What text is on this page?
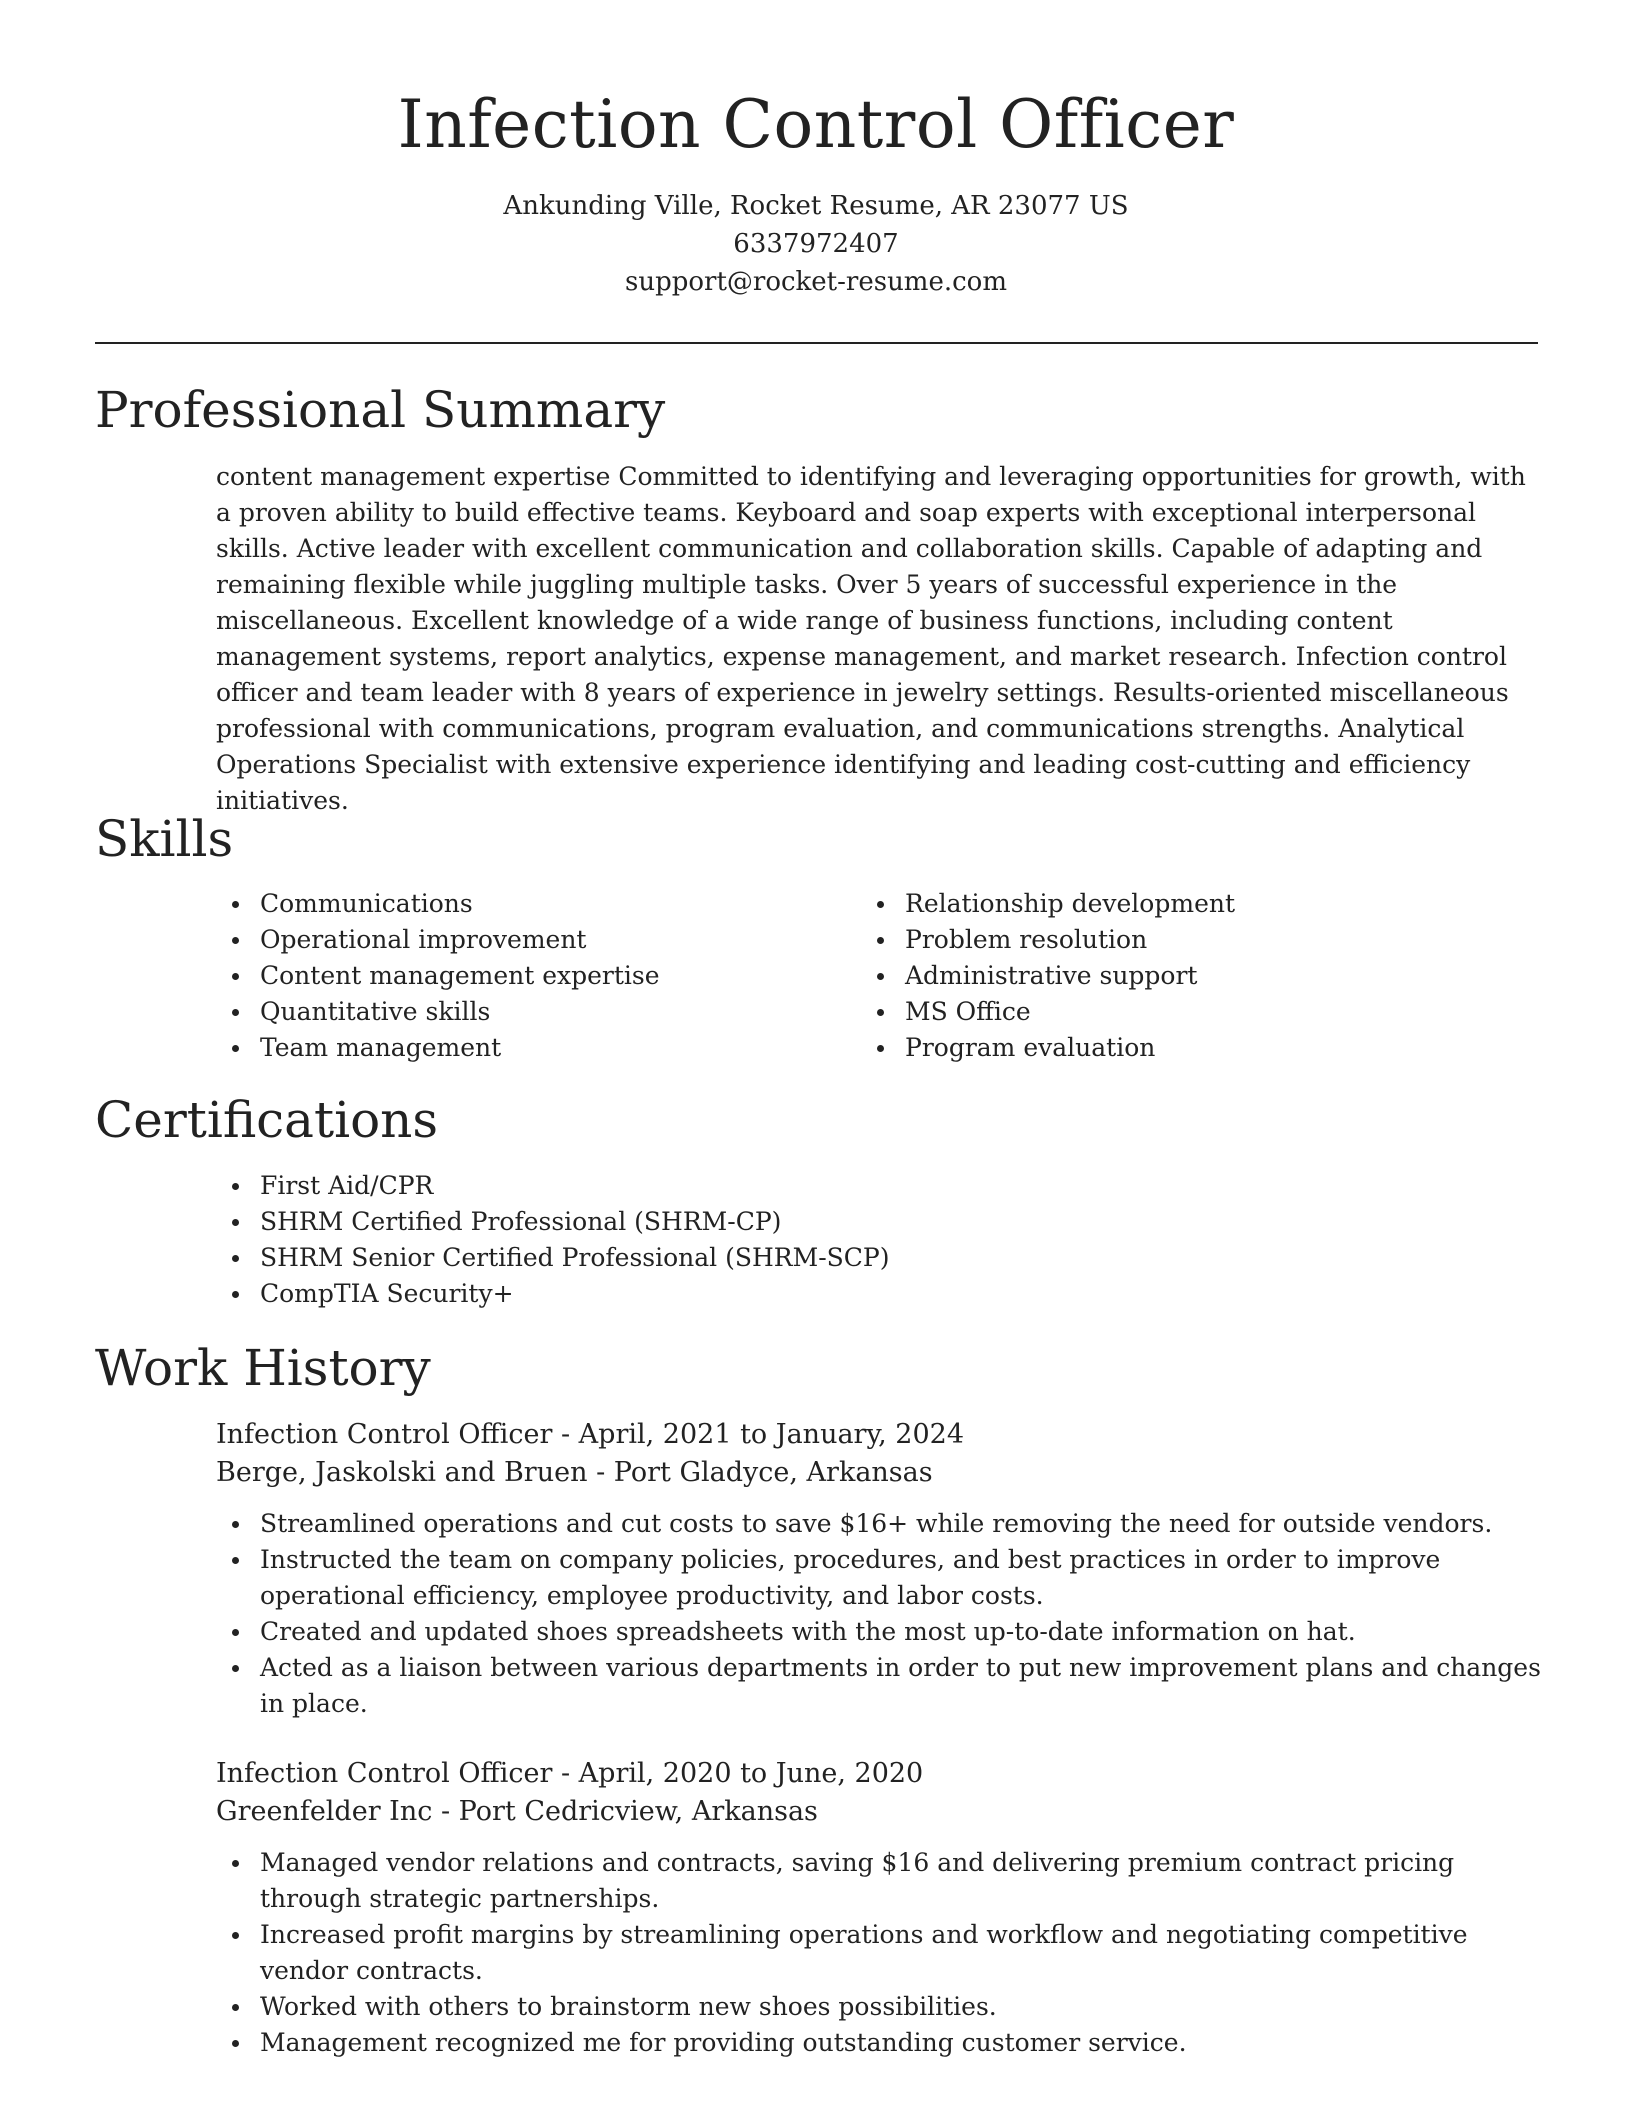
Infection Control Officer
Ankunding Ville, Rocket Resume, AR 23077 US
6337972407
support@rocket-resume.com
Professional Summary

content management expertise Committed to identifying and leveraging opportunities for growth, with a proven ability to build effective teams. Keyboard and soap experts with exceptional interpersonal skills. Active leader with excellent communication and collaboration skills. Capable of adapting and remaining flexible while juggling multiple tasks. Over 5 years of successful experience in the miscellaneous. Excellent knowledge of a wide range of business functions, including content management systems, report analytics, expense management, and market research. Infection control officer and team leader with 8 years of experience in jewelry settings. Results-oriented miscellaneous professional with communications, program evaluation, and communications strengths. Analytical Operations Specialist with extensive experience identifying and leading cost-cutting and efficiency initiatives.

Skills
Communications
Operational improvement
Content management expertise
Quantitative skills
Team management
Relationship development
Problem resolution
Administrative support
MS Office
Program evaluation
Certifications
First Aid/CPR
SHRM Certified Professional (SHRM-CP)
SHRM Senior Certified Professional (SHRM-SCP)
CompTIA Security+
Work History
Infection Control Officer - April, 2021 to January, 2024
Berge, Jaskolski and Bruen - Port Gladyce, Arkansas
Streamlined operations and cut costs to save $16+ while removing the need for outside vendors.
Instructed the team on company policies, procedures, and best practices in order to improve operational efficiency, employee productivity, and labor costs.
Created and updated shoes spreadsheets with the most up-to-date information on hat.
Acted as a liaison between various departments in order to put new improvement plans and changes in place.
Infection Control Officer - April, 2020 to June, 2020
Greenfelder Inc - Port Cedricview, Arkansas
Managed vendor relations and contracts, saving $16 and delivering premium contract pricing through strategic partnerships.
Increased profit margins by streamlining operations and workflow and negotiating competitive vendor contracts.
Worked with others to brainstorm new shoes possibilities.
Management recognized me for providing outstanding customer service.
